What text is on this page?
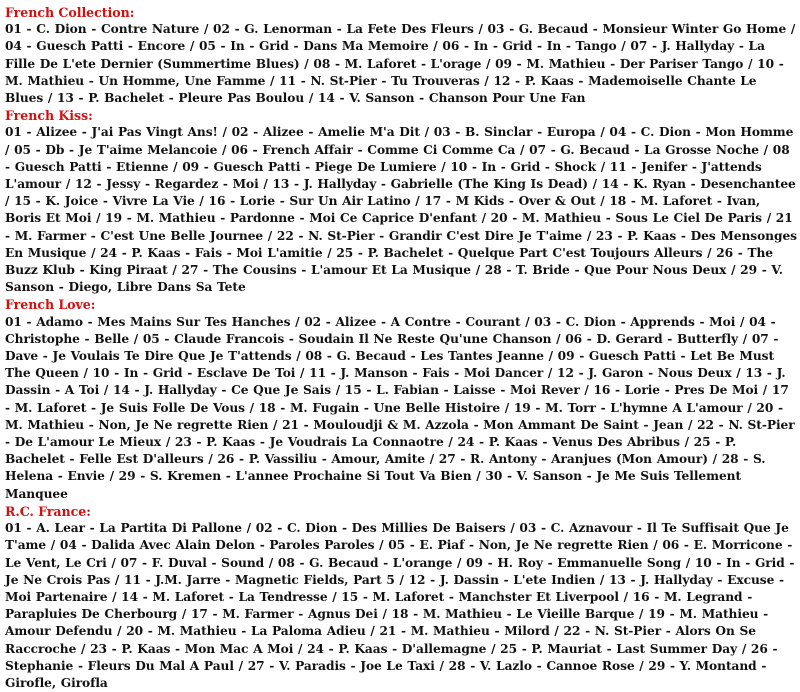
French Collection:
01 - C. Dion - Contre Nature / 02 - G. Lenorman - La Fete Des Fleurs / 03 - G. Becaud - Monsieur Winter Go Home / 04 - Guesch Patti - Encore / 05 - In - Grid - Dans Ma Memoire / 06 - In - Grid - In - Tango / 07 - J. Hallyday - La Fille De L'ete Dernier (Summertime Blues) / 08 - M. Laforet - L'orage / 09 - M. Mathieu - Der Pariser Tango / 10 - M. Mathieu - Un Homme, Une Famme / 11 - N. St-Pier - Tu Trouveras / 12 - P. Kaas - Mademoiselle Chante Le Blues / 13 - P. Bachelet - Pleure Pas Boulou / 14 - V. Sanson - Chanson Pour Une Fan
French Kiss:
01 - Alizee - J'ai Pas Vingt Ans! / 02 - Alizee - Amelie M'a Dit / 03 - B. Sinclar - Europa / 04 - C. Dion - Mon Homme / 05 - Db - Je T'aime Melancoie / 06 - French Affair - Comme Ci Comme Ca / 07 - G. Becaud - La Grosse Noche / 08 - Guesch Patti - Etienne / 09 - Guesch Patti - Piege De Lumiere / 10 - In - Grid - Shock / 11 - Jenifer - J'attends L'amour / 12 - Jessy - Regardez - Moi / 13 - J. Hallyday - Gabrielle (The King Is Dead) / 14 - K. Ryan - Desenchantee / 15 - K. Joice - Vivre La Vie / 16 - Lorie - Sur Un Air Latino / 17 - M Kids - Over & Out / 18 - M. Laforet - Ivan, Boris Et Moi / 19 - M. Mathieu - Pardonne - Moi Ce Caprice D'enfant / 20 - M. Mathieu - Sous Le Ciel De Paris / 21 - M. Farmer - C'est Une Belle Journee / 22 - N. St-Pier - Grandir C'est Dire Je T'aime / 23 - P. Kaas - Des Mensonges En Musique / 24 - P. Kaas - Fais - Moi L'amitie / 25 - P. Bachelet - Quelque Part C'est Toujours Alleurs / 26 - The Buzz Klub - King Piraat / 27 - The Cousins - L'amour Et La Musique / 28 - T. Bride - Que Pour Nous Deux / 29 - V. Sanson - Diego, Libre Dans Sa Tete
French Love:
01 - Adamo - Mes Mains Sur Tes Hanches / 02 - Alizee - A Contre - Courant / 03 - C. Dion - Apprends - Moi / 04 - Christophe - Belle / 05 - Claude Francois - Soudain Il Ne Reste Qu'une Chanson / 06 - D. Gerard - Butterfly / 07 - Dave - Je Voulais Te Dire Que Je T'attends / 08 - G. Becaud - Les Tantes Jeanne / 09 - Guesch Patti - Let Be Must The Queen / 10 - In - Grid - Esclave De Toi / 11 - J. Manson - Fais - Moi Dancer / 12 - J. Garon - Nous Deux / 13 - J. Dassin - A Toi / 14 - J. Hallyday - Ce Que Je Sais / 15 - L. Fabian - Laisse - Moi Rever / 16 - Lorie - Pres De Moi / 17 - M. Laforet - Je Suis Folle De Vous / 18 - M. Fugain - Une Belle Histoire / 19 - M. Torr - L'hymne A L'amour / 20 - M. Mathieu - Non, Je Ne regrette Rien / 21 - Mouloudji & M. Azzola - Mon Ammant De Saint - Jean / 22 - N. St-Pier - De L'amour Le Mieux / 23 - P. Kaas - Je Voudrais La Connaotre / 24 - P. Kaas - Venus Des Abribus / 25 - P. Bachelet - Felle Est D'alleurs / 26 - P. Vassiliu - Amour, Amite / 27 - R. Antony - Aranjues (Mon Amour) / 28 - S. Helena - Envie / 29 - S. Kremen - L'annee Prochaine Si Tout Va Bien / 30 - V. Sanson - Je Me Suis Tellement Manquee
R.C. France:
01 - A. Lear - La Partita Di Pallone / 02 - C. Dion - Des Millies De Baisers / 03 - C. Aznavour - Il Te Suffisait Que Je T'ame / 04 - Dalida Avec Alain Delon - Paroles Paroles / 05 - E. Piaf - Non, Je Ne regrette Rien / 06 - E. Morricone - Le Vent, Le Cri / 07 - F. Duval - Sound / 08 - G. Becaud - L'orange / 09 - H. Roy - Emmanuelle Song / 10 - In - Grid - Je Ne Crois Pas / 11 - J.M. Jarre - Magnetic Fields, Part 5 / 12 - J. Dassin - L'ete Indien / 13 - J. Hallyday - Excuse - Moi Partenaire / 14 - M. Laforet - La Tendresse / 15 - M. Laforet - Manchster Et Liverpool / 16 - M. Legrand - Parapluies De Cherbourg / 17 - M. Farmer - Agnus Dei / 18 - M. Mathieu - Le Vieille Barque / 19 - M. Mathieu - Amour Defendu / 20 - M. Mathieu - La Paloma Adieu / 21 - M. Mathieu - Milord / 22 - N. St-Pier - Alors On Se Raccroche / 23 - P. Kaas - Mon Mac A Moi / 24 - P. Kaas - D'allemagne / 25 - P. Mauriat - Last Summer Day / 26 - Stephanie - Fleurs Du Mal A Paul / 27 - V. Paradis - Joe Le Taxi / 28 - V. Lazlo - Cannoe Rose / 29 - Y. Montand - Girofle, Girofla
